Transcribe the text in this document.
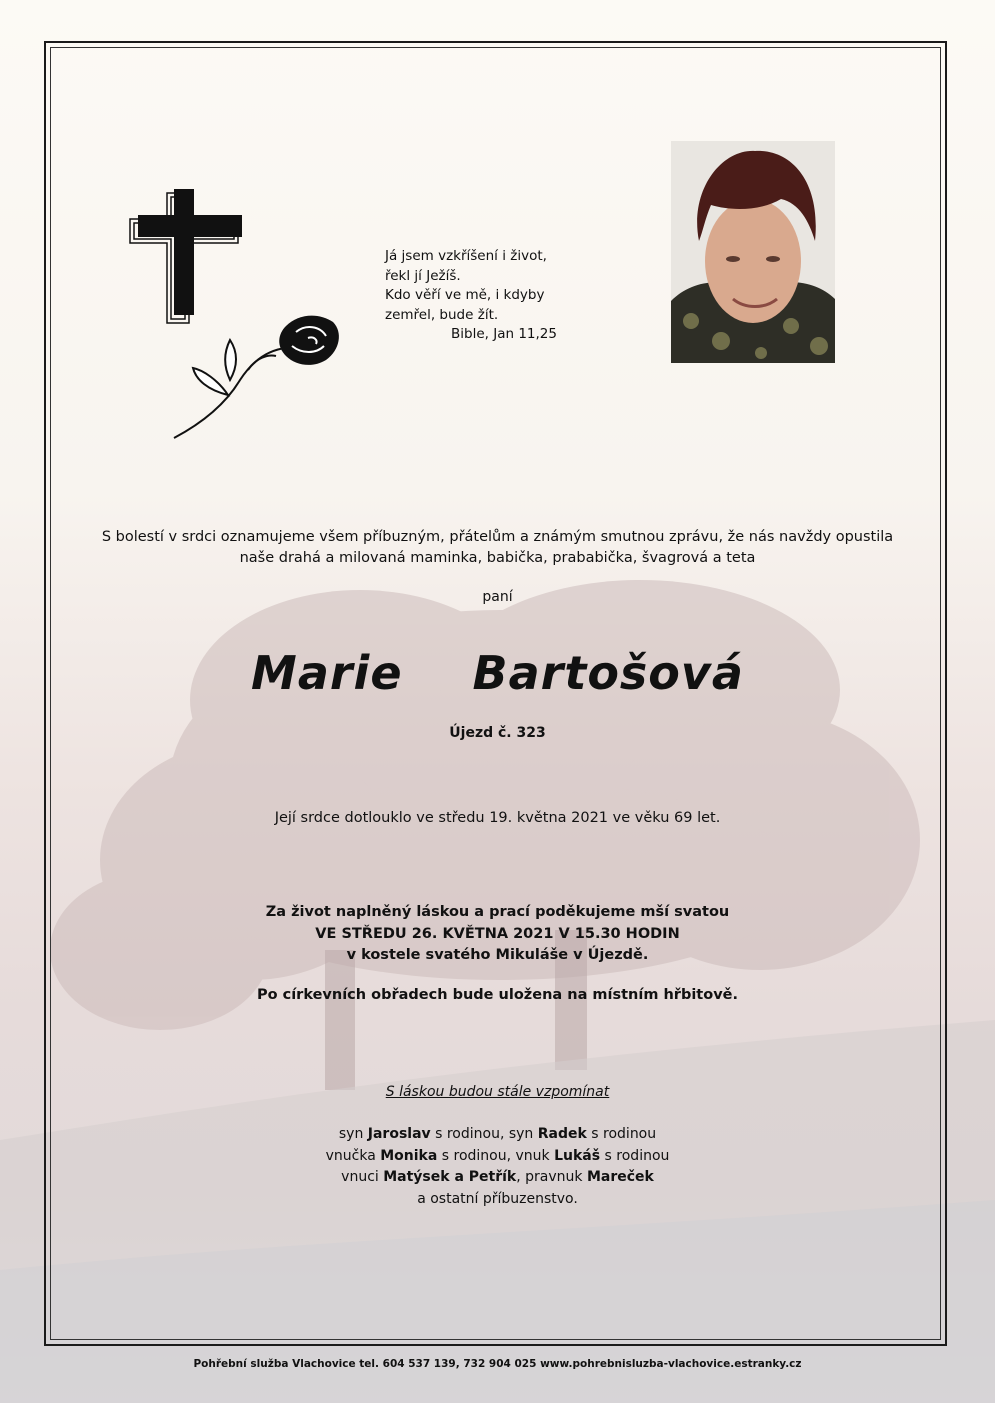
Já jsem vzkříšení i život,
řekl jí Ježíš.
Kdo věří ve mě, i kdyby
zemřel, bude žít.
Bible, Jan 11,25
S bolestí v srdci oznamujeme všem příbuzným, přátelům a známým smutnou zprávu, že nás navždy opustila
naše drahá a milovaná maminka, babička, prababička, švagrová a teta
paní
Marie  Bartošová
Újezd č. 323
Její srdce dotlouklo ve středu 19. května 2021 ve věku 69 let.
Za život naplněný láskou a prací poděkujeme mší svatou
VE STŘEDU 26. KVĚTNA 2021 V 15.30 HODIN
v kostele svatého Mikuláše v Újezdě.
Po církevních obřadech bude uložena na místním hřbitově.
S láskou budou stále vzpomínat
syn Jaroslav s rodinou, syn Radek s rodinou
vnučka Monika s rodinou, vnuk Lukáš s rodinou
vnuci Matýsek a Petřík, pravnuk Mareček
a ostatní příbuzenstvo.
Pohřební služba Vlachovice tel. 604 537 139, 732 904 025 www.pohrebnisluzba-vlachovice.estranky.cz
